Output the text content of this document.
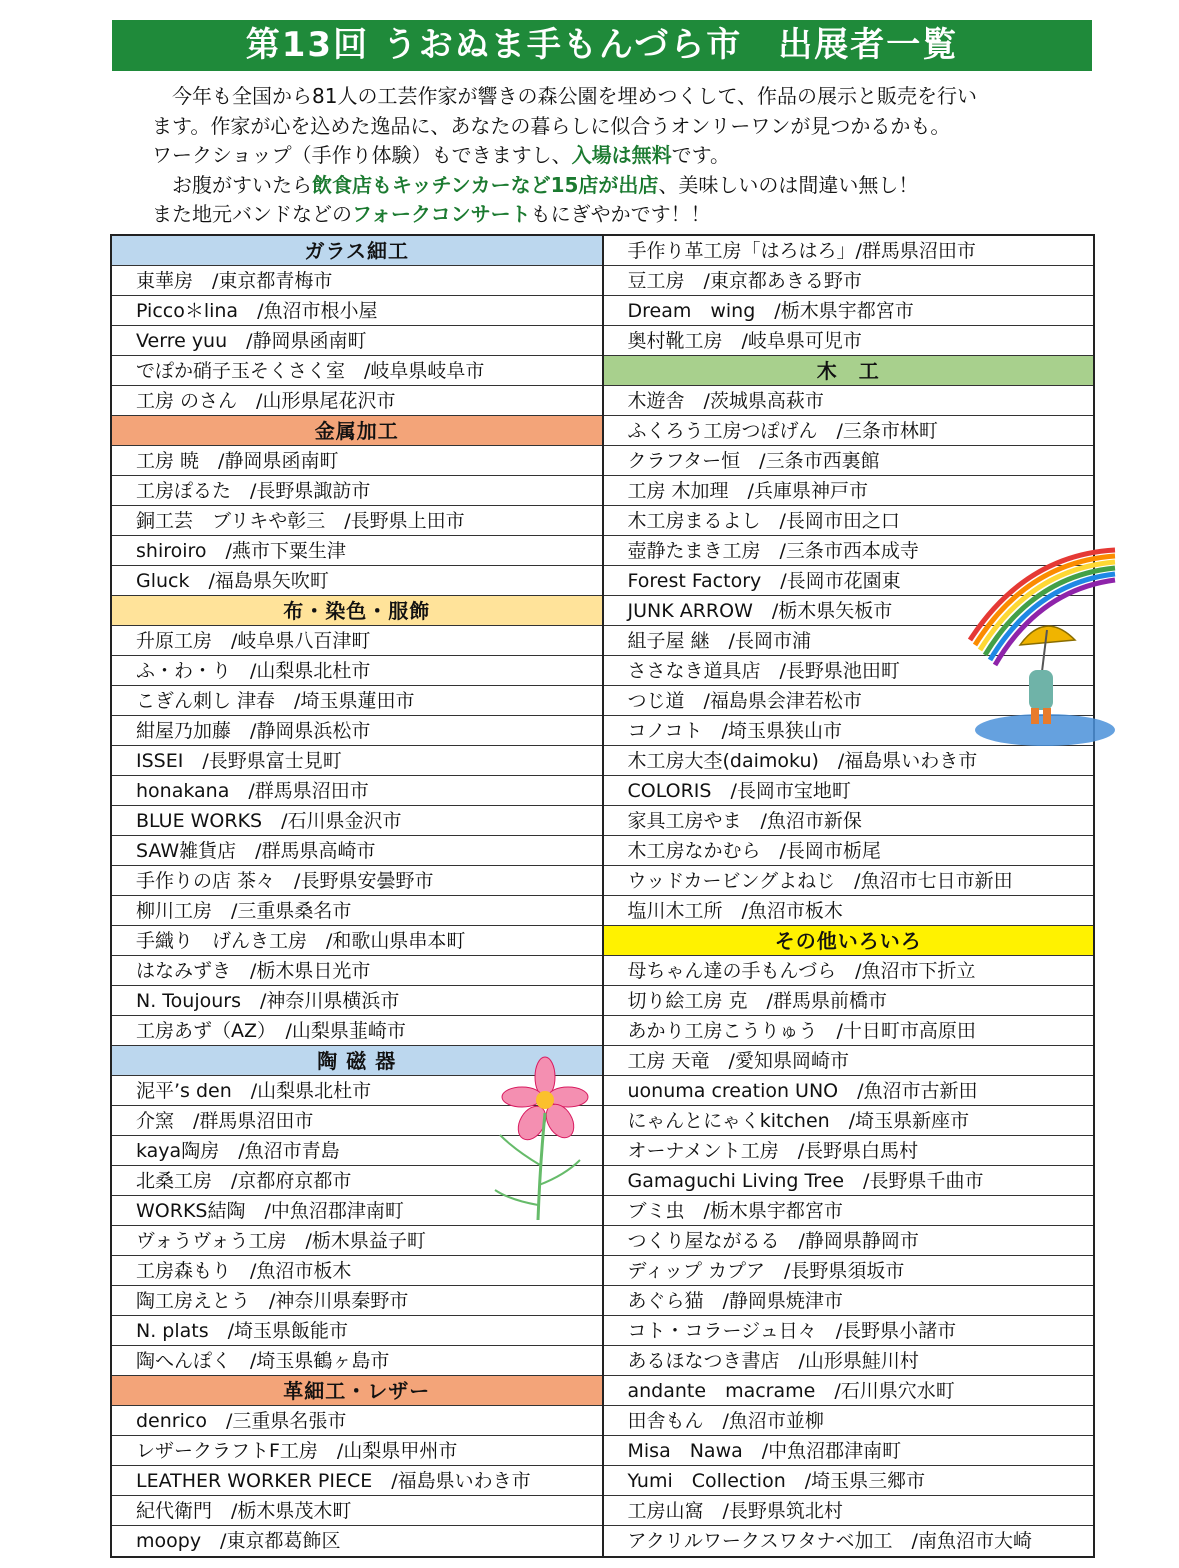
第13回 うおぬま手もんづら市　出展者一覧

今年も全国から81人の工芸作家が響きの森公園を埋めつくして、作品の展示と販売を行い

ます。作家が心を込めた逸品に、あなたの暮らしに似合うオンリーワンが見つかるかも。

ワークショップ（手作り体験）もできますし、入場は無料です。

お腹がすいたら飲食店もキッチンカーなど15店が出店、美味しいのは間違い無し！

また地元バンドなどのフォークコンサートもにぎやかです！！

ガラス細工
東華房　/東京都青梅市
Picco＊lina　/魚沼市根小屋
Verre yuu　/静岡県函南町
でぽか硝子玉そくさく室　/岐阜県岐阜市
工房 のさん　/山形県尾花沢市
金属加工
工房 暁　/静岡県函南町
工房ぽるた　/長野県諏訪市
銅工芸　ブリキや彰三　/長野県上田市
shiroiro　/燕市下粟生津
Gluck　/福島県矢吹町
布・染色・服飾
升原工房　/岐阜県八百津町
ふ・わ・り　/山梨県北杜市
こぎん刺し 津春　/埼玉県蓮田市
紺屋乃加藤　/静岡県浜松市
ISSEI　/長野県富士見町
honakana　/群馬県沼田市
BLUE WORKS　/石川県金沢市
SAW雑貨店　/群馬県高崎市
手作りの店 茶々　/長野県安曇野市
柳川工房　/三重県桑名市
手織り　げんき工房　/和歌山県串本町
はなみずき　/栃木県日光市
N. Toujours　/神奈川県横浜市
工房あず（AZ）　/山梨県韮崎市
陶 磁 器
泥平’s den　/山梨県北杜市
介窯　/群馬県沼田市
kaya陶房　/魚沼市青島
北桑工房　/京都府京都市
WORKS結陶　/中魚沼郡津南町
ヴォうヴォう工房　/栃木県益子町
工房森もり　/魚沼市板木
陶工房えとう　/神奈川県秦野市
N. plats　/埼玉県飯能市
陶へんぽく　/埼玉県鶴ヶ島市
革細工・レザー
denrico　/三重県名張市
レザークラフトF工房　/山梨県甲州市
LEATHER WORKER PIECE　/福島県いわき市
紀代衛門　/栃木県茂木町
moopy　/東京都葛飾区
手作り革工房「はろはろ」/群馬県沼田市
豆工房　/東京都あきる野市
Dream　wing　/栃木県宇都宮市
奥村靴工房　/岐阜県可児市
木　工
木遊舎　/茨城県高萩市
ふくろう工房つぽげん　/三条市林町
クラフター恒　/三条市西裏館
工房 木加理　/兵庫県神戸市
木工房まるよし　/長岡市田之口
壺静たまき工房　/三条市西本成寺
Forest Factory　/長岡市花園東
JUNK ARROW　/栃木県矢板市
組子屋 継　/長岡市浦
ささなき道具店　/長野県池田町
つじ道　/福島県会津若松市
コノコト　/埼玉県狭山市
木工房大杢(daimoku)　/福島県いわき市
COLORIS　/長岡市宝地町
家具工房やま　/魚沼市新保
木工房なかむら　/長岡市栃尾
ウッドカービングよねじ　/魚沼市七日市新田
塩川木工所　/魚沼市板木
その他いろいろ
母ちゃん達の手もんづら　/魚沼市下折立
切り絵工房 克　/群馬県前橋市
あかり工房こうりゅう　/十日町市高原田
工房 天竜　/愛知県岡崎市
uonuma creation UNO　/魚沼市古新田
にゃんとにゃくkitchen　/埼玉県新座市
オーナメント工房　/長野県白馬村
Gamaguchi Living Tree　/長野県千曲市
ブミ虫　/栃木県宇都宮市
つくり屋ながるる　/静岡県静岡市
ディップ カプア　/長野県須坂市
あぐら猫　/静岡県焼津市
コト・コラージュ日々　/長野県小諸市
あるほなつき書店　/山形県鮭川村
andante　macrame　/石川県穴水町
田舎もん　/魚沼市並柳
Misa　Nawa　/中魚沼郡津南町
Yumi　Collection　/埼玉県三郷市
工房山窩　/長野県筑北村
アクリルワークスワタナベ加工　/南魚沼市大崎
